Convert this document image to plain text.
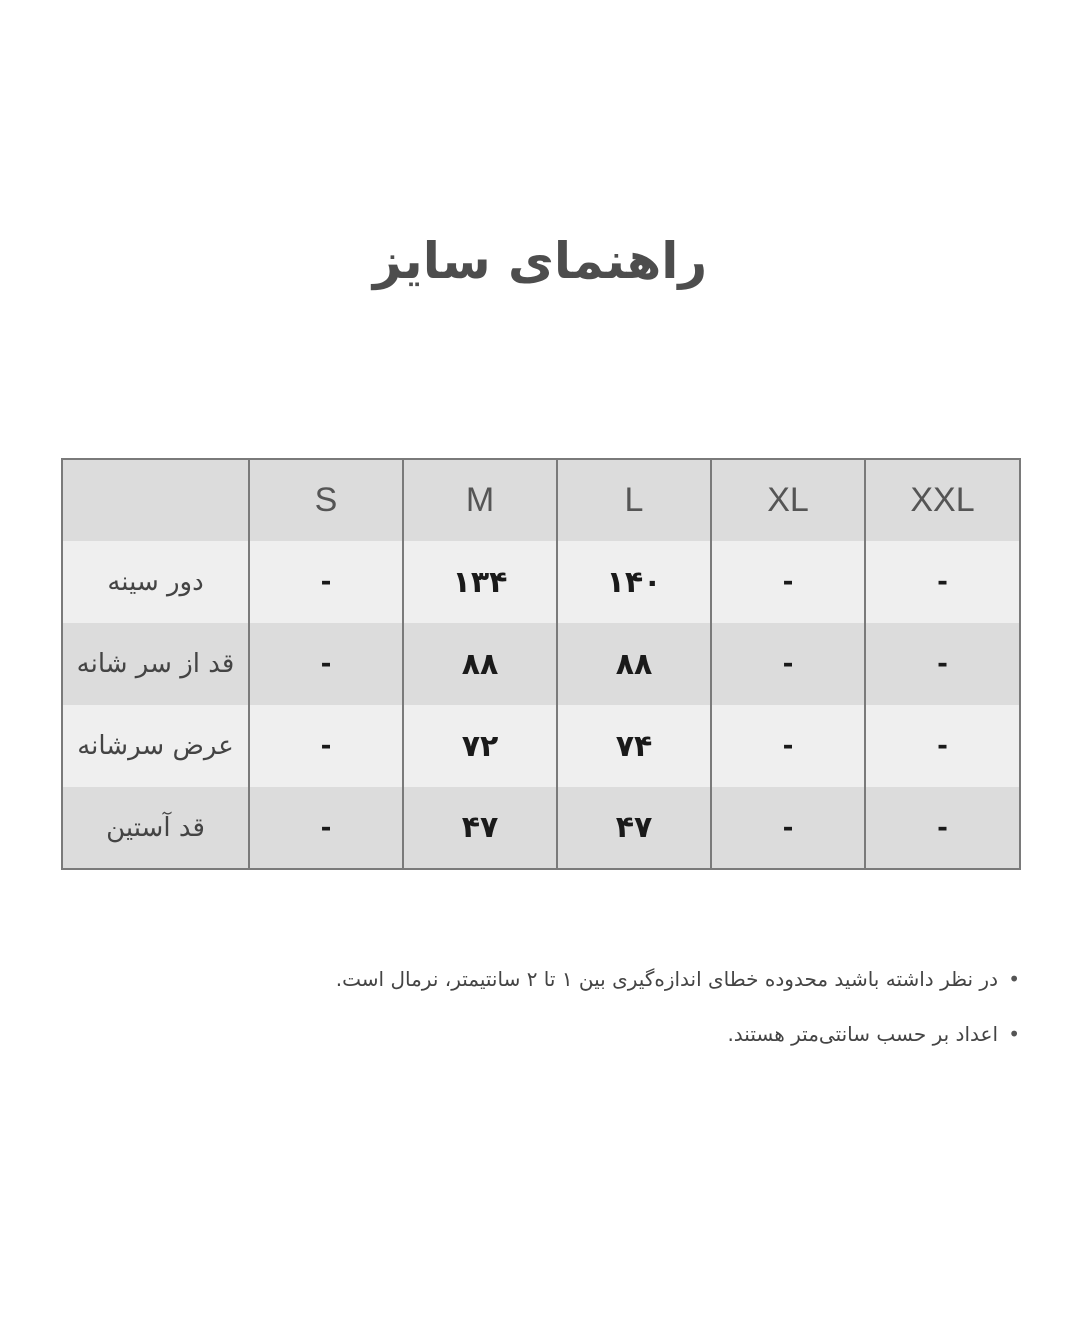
راهنمای سایز
	S	M	L	XL	XXL
دور سینه	-	۱۳۴	۱۴۰	-	-
قد از سر شانه	-	۸۸	۸۸	-	-
عرض سرشانه	-	۷۲	۷۴	-	-
قد آستین	-	۴۷	۴۷	-	-
•
در نظر داشته باشید محدوده خطای اندازه‌گیری بین ۱ تا ۲ سانتیمتر، نرمال است.
•
اعداد بر حسب سانتی‌متر هستند.
